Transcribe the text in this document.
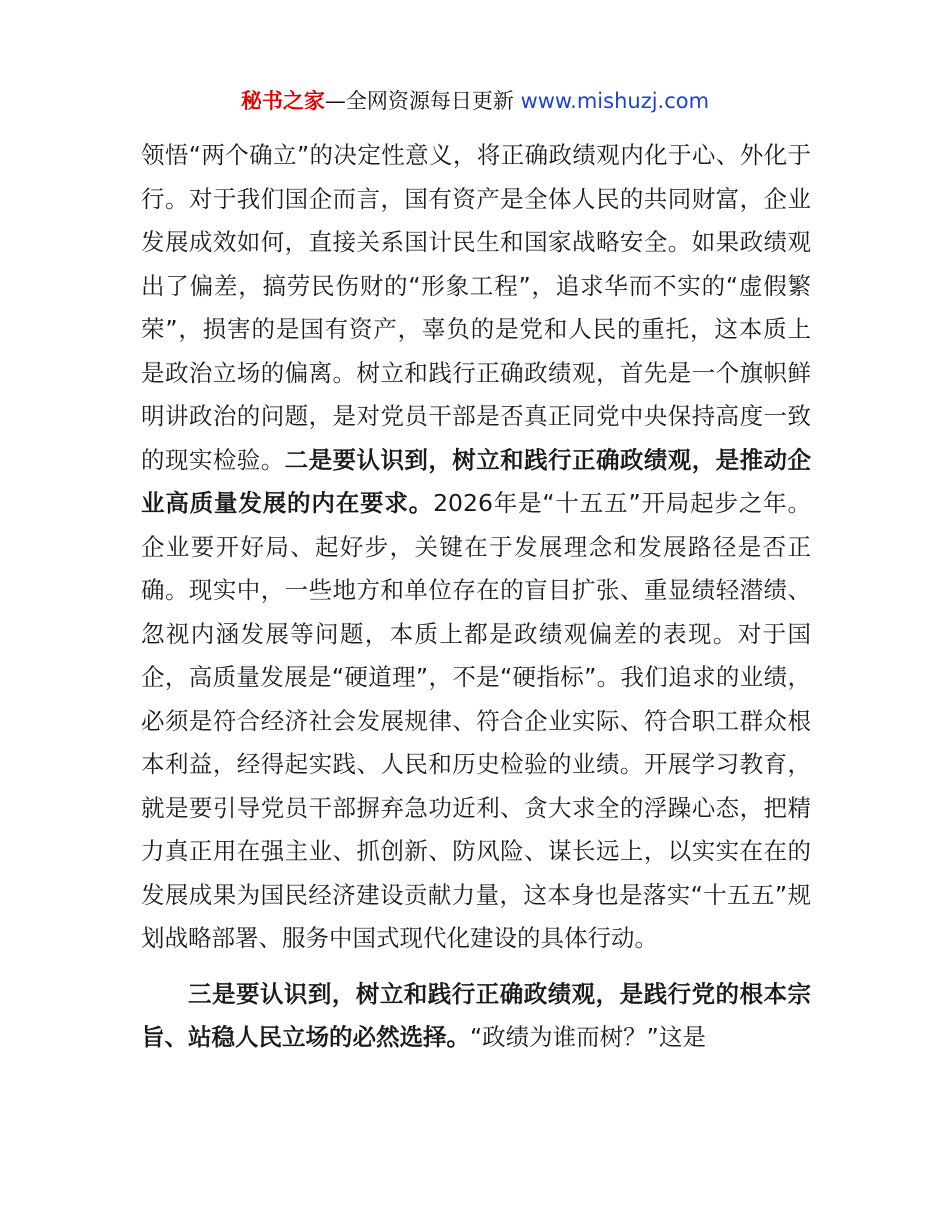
秘书之家—全网资源每日更新 www.mishuzj.com

领悟“两个确立”的决定性意义，将正确政绩观内化于心、外化于行。对于我们国企而言，国有资产是全体人民的共同财富，企业发展成效如何，直接关系国计民生和国家战略安全。如果政绩观出了偏差，搞劳民伤财的“形象工程”，追求华而不实的“虚假繁荣”，损害的是国有资产，辜负的是党和人民的重托，这本质上是政治立场的偏离。树立和践行正确政绩观，首先是一个旗帜鲜明讲政治的问题，是对党员干部是否真正同党中央保持高度一致的现实检验。二是要认识到，树立和践行正确政绩观，是推动企业高质量发展的内在要求。2026年是“十五五”开局起步之年。企业要开好局、起好步，关键在于发展理念和发展路径是否正确。现实中，一些地方和单位存在的盲目扩张、重显绩轻潜绩、忽视内涵发展等问题，本质上都是政绩观偏差的表现。对于国企，高质量发展是“硬道理”，不是“硬指标”。我们追求的业绩，必须是符合经济社会发展规律、符合企业实际、符合职工群众根本利益，经得起实践、人民和历史检验的业绩。开展学习教育，就是要引导党员干部摒弃急功近利、贪大求全的浮躁心态，把精力真正用在强主业、抓创新、防风险、谋长远上，以实实在在的发展成果为国民经济建设贡献力量，这本身也是落实“十五五”规划战略部署、服务中国式现代化建设的具体行动。

三是要认识到，树立和践行正确政绩观，是践行党的根本宗旨、站稳人民立场的必然选择。“政绩为谁而树？”这是
